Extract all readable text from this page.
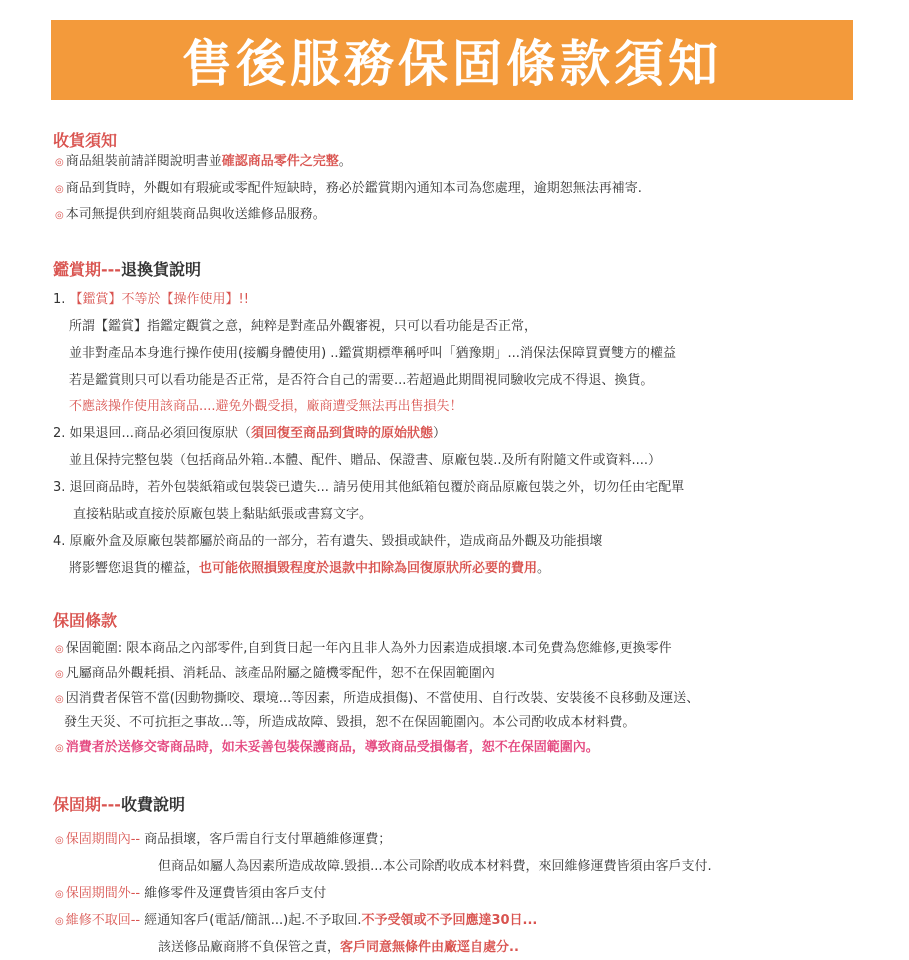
售後服務保固條款須知
收貨須知
◎ 商品組裝前請詳閱說明書並確認商品零件之完整。
◎ 商品到貨時，外觀如有瑕疵或零配件短缺時，務必於鑑賞期內通知本司為您處理，逾期恕無法再補寄.
◎ 本司無提供到府組裝商品與收送維修品服務。
鑑賞期---退換貨說明
1. 【鑑賞】不等於【操作使用】!!
所謂【鑑賞】指鑑定觀賞之意，純粹是對產品外觀審視，只可以看功能是否正常，
並非對產品本身進行操作使用(接觸身體使用) ..鑑賞期標準稱呼叫「猶豫期」...消保法保障買賣雙方的權益
若是鑑賞則只可以看功能是否正常，是否符合自己的需要...若超過此期間視同驗收完成不得退、換貨。
不應該操作使用該商品....避免外觀受損，廠商遭受無法再出售損失！
2. 如果退回...商品必須回復原狀（須回復至商品到貨時的原始狀態）
並且保持完整包裝（包括商品外箱..本體、配件、贈品、保證書、原廠包裝..及所有附隨文件或資料....）
3. 退回商品時，若外包裝紙箱或包裝袋已遺失... 請另使用其他紙箱包覆於商品原廠包裝之外，切勿任由宅配單
直接粘貼或直接於原廠包裝上黏貼紙張或書寫文字。
4. 原廠外盒及原廠包裝都屬於商品的一部分，若有遺失、毀損或缺件，造成商品外觀及功能損壞
將影響您退貨的權益，也可能依照損毀程度於退款中扣除為回復原狀所必要的費用。
保固條款
◎ 保固範圍: 限本商品之內部零件,自到貨日起一年內且非人為外力因素造成損壞.本司免費為您維修,更換零件
◎ 凡屬商品外觀耗損、消耗品、該產品附屬之隨機零配件，恕不在保固範圍內
◎ 因消費者保管不當(因動物撕咬、環境...等因素，所造成損傷)、不當使用、自行改裝、安裝後不良移動及運送、
發生天災、不可抗拒之事故...等，所造成故障、毀損，恕不在保固範圍內。本公司酌收成本材料費。
◎ 消費者於送修交寄商品時，如未妥善包裝保護商品，導致商品受損傷者，恕不在保固範圍內。
保固期---收費說明
◎ 保固期間內-- 商品損壞，客戶需自行支付單趟維修運費；
但商品如屬人為因素所造成故障.毀損...本公司除酌收成本材料費，來回維修運費皆須由客戶支付.
◎ 保固期間外-- 維修零件及運費皆須由客戶支付
◎ 維修不取回-- 經通知客戶(電話/簡訊...)起.不予取回.不予受領或不予回應達30日...
該送修品廠商將不負保管之責，客戶同意無條件由廠逕自處分..
